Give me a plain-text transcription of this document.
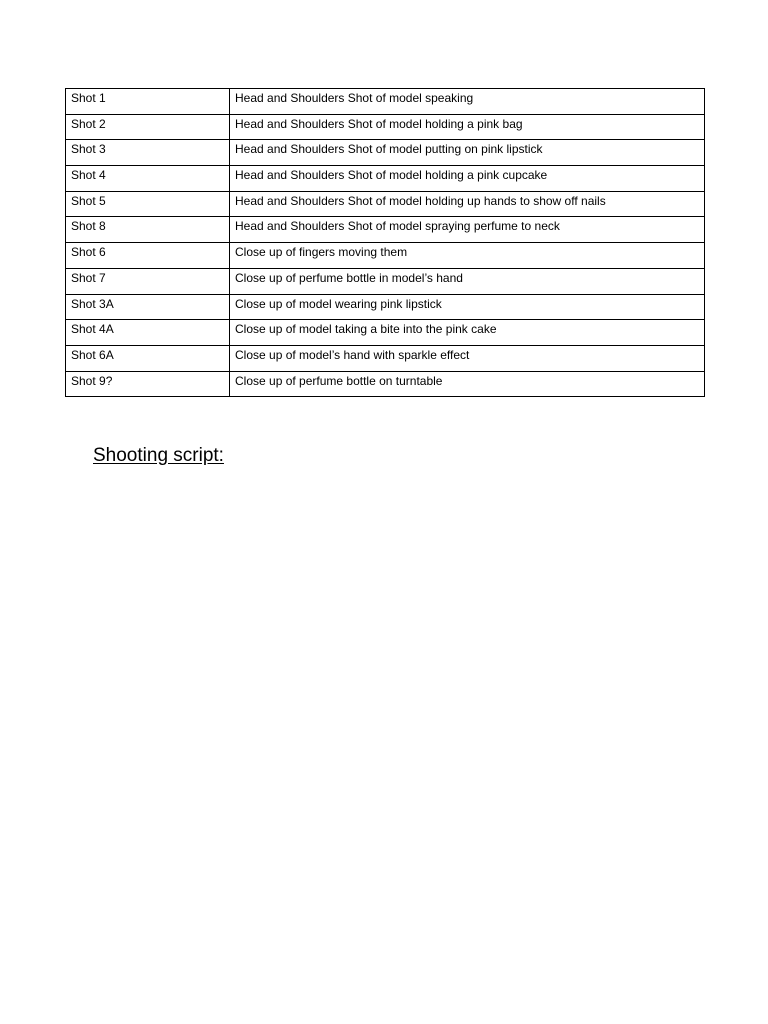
Shot 1	Head and Shoulders Shot of model speaking
Shot 2	Head and Shoulders Shot of model holding a pink bag
Shot 3	Head and Shoulders Shot of model putting on pink lipstick
Shot 4	Head and Shoulders Shot of model holding a pink cupcake
Shot 5	Head and Shoulders Shot of model holding up hands to show off nails
Shot 8	Head and Shoulders Shot of model spraying perfume to neck
Shot 6	Close up of fingers moving them
Shot 7	Close up of perfume bottle in model’s hand
Shot 3A	Close up of model wearing pink lipstick
Shot 4A	Close up of model taking a bite into the pink cake
Shot 6A	Close up of model’s hand with sparkle effect
Shot 9?	Close up of perfume bottle on turntable
Shooting script:
